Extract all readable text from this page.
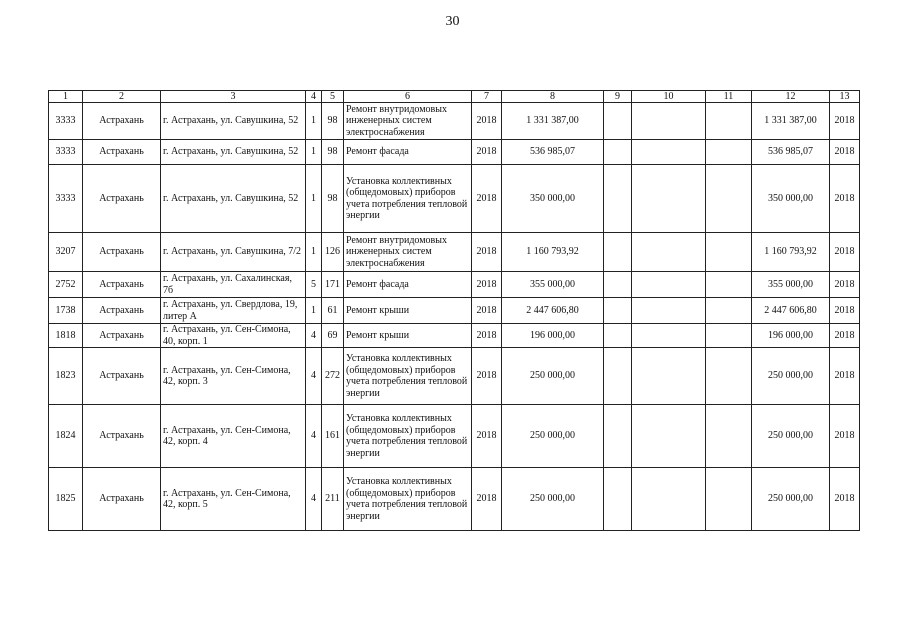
30
1	2	3	4	5	6	7	8	9	10	11	12	13
3333	Астрахань	г. Астрахань, ул. Савушкина, 52	1	98	Ремонт внутридомовых инженерных систем электроснабжения	2018	1 331 387,00				1 331 387,00	2018
3333	Астрахань	г. Астрахань, ул. Савушкина, 52	1	98	Ремонт фасада	2018	536 985,07				536 985,07	2018
3333	Астрахань	г. Астрахань, ул. Савушкина, 52	1	98	Установка коллективных (общедомовых) приборов учета потребления тепловой энергии	2018	350 000,00				350 000,00	2018
3207	Астрахань	г. Астрахань, ул. Савушкина, 7/2	1	126	Ремонт внутридомовых инженерных систем электроснабжения	2018	1 160 793,92				1 160 793,92	2018
2752	Астрахань	г. Астрахань, ул. Сахалинская, 7б	5	171	Ремонт фасада	2018	355 000,00				355 000,00	2018
1738	Астрахань	г. Астрахань, ул. Свердлова, 19, литер А	1	61	Ремонт крыши	2018	2 447 606,80				2 447 606,80	2018
1818	Астрахань	г. Астрахань, ул. Сен-Симона, 40, корп. 1	4	69	Ремонт крыши	2018	196 000,00				196 000,00	2018
1823	Астрахань	г. Астрахань, ул. Сен-Симона, 42, корп. 3	4	272	Установка коллективных (общедомовых) приборов учета потребления тепловой энергии	2018	250 000,00				250 000,00	2018
1824	Астрахань	г. Астрахань, ул. Сен-Симона, 42, корп. 4	4	161	Установка коллективных (общедомовых) приборов учета потребления тепловой энергии	2018	250 000,00				250 000,00	2018
1825	Астрахань	г. Астрахань, ул. Сен-Симона, 42, корп. 5	4	211	Установка коллективных (общедомовых) приборов учета потребления тепловой энергии	2018	250 000,00				250 000,00	2018
